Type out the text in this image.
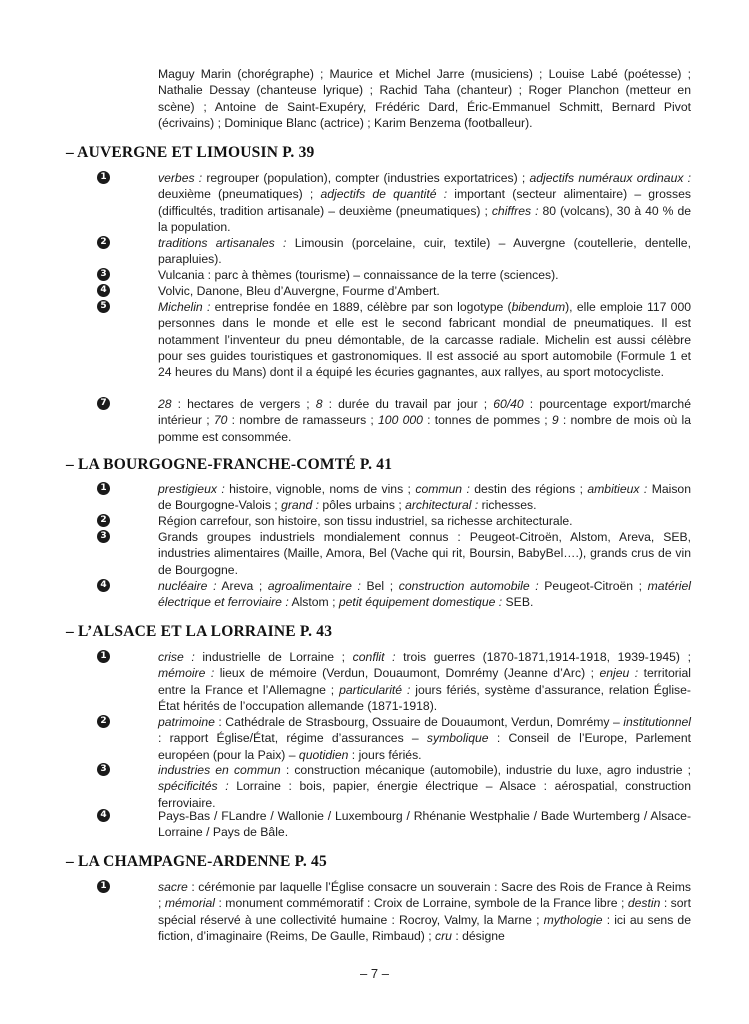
Maguy Marin (chorégraphe) ; Maurice et Michel Jarre (musiciens) ; Louise Labé (poétesse) ; Nathalie Dessay (chanteuse lyrique) ; Rachid Taha (chanteur) ; Roger Planchon (metteur en scène) ; Antoine de Saint-Exupéry, Frédéric Dard, Éric-Emmanuel Schmitt, Bernard Pivot (écrivains) ; Dominique Blanc (actrice) ; Karim Benzema (footballeur).
– AUVERGNE ET LIMOUSIN P. 39
1	verbes : regrouper (population), compter (industries exportatrices) ; adjectifs numéraux ordinaux : deuxième (pneumatiques) ; adjectifs de quantité : important (secteur alimentaire) – grosses (difficultés, tradition artisanale) – deuxième (pneumatiques) ; chiffres : 80 (volcans), 30 à 40 % de la population.
2	traditions artisanales : Limousin (porcelaine, cuir, textile) – Auvergne (coutellerie, dentelle, parapluies).
3	Vulcania : parc à thèmes (tourisme) – connaissance de la terre (sciences).
4	Volvic, Danone, Bleu d’Auvergne, Fourme d’Ambert.
5	Michelin : entreprise fondée en 1889, célèbre par son logotype (bibendum), elle emploie 117 000 personnes dans le monde et elle est le second fabricant mondial de pneumatiques. Il est notamment l’inventeur du pneu démontable, de la carcasse radiale. Michelin est aussi célèbre pour ses guides touristiques et gastronomiques. Il est associé au sport automobile (Formule 1 et 24 heures du Mans) dont il a équipé les écuries gagnantes, aux rallyes, au sport motocycliste.
7	28 : hectares de vergers ; 8 : durée du travail par jour ; 60/40 : pourcentage export/marché intérieur ; 70 : nombre de ramasseurs ; 100 000 : tonnes de pommes ; 9 : nombre de mois où la pomme est consommée.
– LA BOURGOGNE-FRANCHE-COMTÉ P. 41
1	prestigieux : histoire, vignoble, noms de vins ; commun : destin des régions ; ambitieux : Maison de Bourgogne-Valois ; grand : pôles urbains ; architectural : richesses.
2	Région carrefour, son histoire, son tissu industriel, sa richesse architecturale.
3	Grands groupes industriels mondialement connus : Peugeot-Citroën, Alstom, Areva, SEB, industries alimentaires (Maille, Amora, Bel (Vache qui rit, Boursin, BabyBel….), grands crus de vin de Bourgogne.
4	nucléaire : Areva ; agroalimentaire : Bel ; construction automobile : Peugeot-Citroën ; matériel électrique et ferroviaire : Alstom ; petit équipement domestique : SEB.
– L’ALSACE ET LA LORRAINE P. 43
1	crise : industrielle de Lorraine ; conflit : trois guerres (1870-1871,1914-1918, 1939-1945) ; mémoire : lieux de mémoire (Verdun, Douaumont, Domrémy (Jeanne d’Arc) ; enjeu : territorial entre la France et l’Allemagne ; particularité : jours fériés, système d’assurance, relation Église-État hérités de l’occupation allemande (1871-1918).
2	patrimoine : Cathédrale de Strasbourg, Ossuaire de Douaumont, Verdun, Domrémy – institutionnel : rapport Église/État, régime d’assurances – symbolique : Conseil de l’Europe, Parlement européen (pour la Paix) – quotidien : jours fériés.
3	industries en commun : construction mécanique (automobile), industrie du luxe, agro industrie ; spécificités : Lorraine : bois, papier, énergie électrique – Alsace : aérospatial, construction ferroviaire.
4	Pays-Bas / FLandre / Wallonie / Luxembourg / Rhénanie Westphalie / Bade Wurtemberg / Alsace-Lorraine / Pays de Bâle.
– LA CHAMPAGNE-ARDENNE P. 45
1	sacre : cérémonie par laquelle l’Église consacre un souverain : Sacre des Rois de France à Reims ; mémorial : monument commémoratif : Croix de Lorraine, symbole de la France libre ; destin : sort spécial réservé à une collectivité humaine : Rocroy, Valmy, la Marne ; mythologie : ici au sens de fiction, d’imaginaire (Reims, De Gaulle, Rimbaud) ; cru : désigne
– 7 –
